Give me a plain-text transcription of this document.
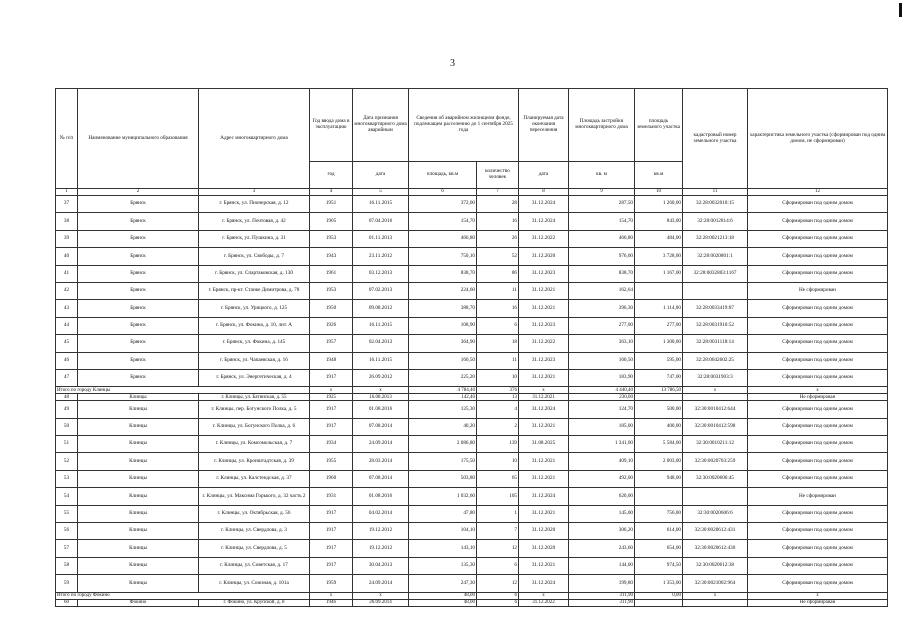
3
№ п/п	Наименование муниципального образования	Адрес многоквартирного дома	Год ввода дома в эксплуатацию	Дата признания многоквартирного дома аварийным	Сведения об аварийном жилищном фонде, подлежащем расселению до 1 сентября 2025 года		Планируемая дата окончания переселения	Площадь застройки многоквартирного дома	площадь земельного участка	кадастровый номер земельного участка	характеристика земельного участка (сформирован под одним домом, не сформирован)
			год	дата	площадь, кв.м	количество человек	дата	кв. м	кв.м		
1	2	3	4	5	6	7	8	9	10	11	12
37	Брянск	г. Брянск, ул. Пионерская, д. 12	1951	16.11.2015	372,00	28	31.12.2024	287,50	1 260,00	32:28:0032010:15	Сформирован под одним домом
38	Брянск	г. Брянск, ул. Почтовая, д. 42	1905	07.04.2016	154,70	16	31.12.2024	154,70	843,00	32:28:0012814:6	Сформирован под одним домом
39	Брянск	г. Брянск, ул. Пушкина, д. 31	1953	01.11.2013	466,80	26	31.12.2022	466,80	484,00	32:28:0021213:18	Сформирован под одним домом
40	Брянск	г. Брянск, ул. Свободы, д. 7	1943	23.11.2012	750,10	52	31.12.2020	976,00	3 728,00	32:28:0020801:1	Сформирован под одним домом
41	Брянск	г. Брянск, ул. Спартаковская, д. 130	1961	03.12.2013	838,70	86	31.12.2023	838,70	1 167,00	32:28:0032803:1167	Сформирован под одним домом
42	Брянск	г. Брянск, пр-кт. Станке Димитрова, д. 78	1953	07.02.2013	224,60	11	31.12.2021	162,64			Не сформирован
43	Брянск	г. Брянск, ул. Урицкого, д. 125	1950	09.08.2012	388,70	16	31.12.2021	396,30	1 114,00	32:28:0033419:87	Сформирован под одним домом
44	Брянск	г. Брянск, ул. Фокина, д. 10, лит. А	1926	16.11.2015	108,90	6	31.12.2023	277,00	277,00	32:28:0031910:52	Сформирован под одним домом
45	Брянск	г. Брянск, ул. Фокина, д. 145	1957	02.04.2013	364,90	18	31.12.2022	363,10	1 300,00	32:28:0031118:14	Сформирован под одним домом
46	Брянск	г. Брянск, ул. Чапаевская, д. 16	1948	16.11.2015	160,50	11	31.12.2023	160,50	595,00	32:28:0042602:25	Сформирован под одним домом
47	Брянск	г. Брянск, ул. Энергетическая, д. 4	1917	26.09.2012	225,20	10	31.12.2021	183,90	747,00	32:28:0031903:3	Сформирован под одним домом
Итого по городу Клинцы			x	x	4 784,40	376	x	4 440,40	13 786,50	x	x
48	Клинцы	г. Клинцы, ул. Батинская, д. 55	1925	16.08.2013	142,40	13	31.12.2021	230,00			Не сформирован
49	Клинцы	г. Клинцы, пер. Богунского Полка, д. 5	1917	01.08.2016	125,30	4	31.12.2024	124,70	500,00	32:30:0010412:644	Сформирован под одним домом
50	Клинцы	г. Клинцы, ул. Богунского Полка, д. 6	1917	07.08.2014	40,20	2	31.12.2021	185,00	400,00	32:30:0010412:598	Сформирован под одним домом
51	Клинцы	г. Клинцы, ул. Комсомольская, д. 7	1934	24.09.2014	2 086,80	139	31.08.2025	1 341,00	5 584,00	32:30:0010211:12	Сформирован под одним домом
52	Клинцы	г. Клинцы, ул. Кронштадтская, д. 39	1955	28.03.2014	175,50	10	31.12.2021	409,10	2 003,00	32:30:0020703:259	Сформирован под одним домом
53	Клинцы	г. Клинцы, ул. Калстендская, д. 37	1960	07.08.2014	503,80	65	31.12.2021	492,00	948,00	32:30:0020606:45	Сформирован под одним домом
54	Клинцы	г. Клинцы, ул. Максима Горького, д. 32 часть 2	1931	01.08.2016	1 032,60	105	31.12.2024	620,00			Не сформирован
55	Клинцы	г. Клинцы, ул. Октябрьская, д. 56	1917	04.02.2014	47,80	1	31.12.2021	145,00	756,00	32:30:0020606:6	Сформирован под одним домом
56	Клинцы	г. Клинцы, ул. Свердлова, д. 3	1917	19.12.2012	104,10	7	31.12.2020	306,20	614,00	32:30:0020612:431	Сформирован под одним домом
57	Клинцы	г. Клинцы, ул. Свердлова, д. 5	1917	19.12.2012	143,10	12	31.12.2020	243,60	654,00	32:30:0020612:430	Сформирован под одним домом
58	Клинцы	г. Клинцы, ул. Советская, д. 17	1917	30.04.2013	135,30	6	31.12.2021	144,00	974,50	32:30:0020612:38	Сформирован под одним домом
59	Клинцы	г. Клинцы, ул. Союзная, д. 101а	1959	24.09.2014	247,30	12	31.12.2024	199,80	1 353,00	32:30:0021002:964	Сформирован под одним домом
Итого по городу Фокино			x	x	48,00	6	x	311,90	0,00	x	x
60	Фокино	г. Фокино, ул. Крупской, д. 8	1946	26.09.2014	48,00	6	31.12.2022	311,90			Не сформирован
